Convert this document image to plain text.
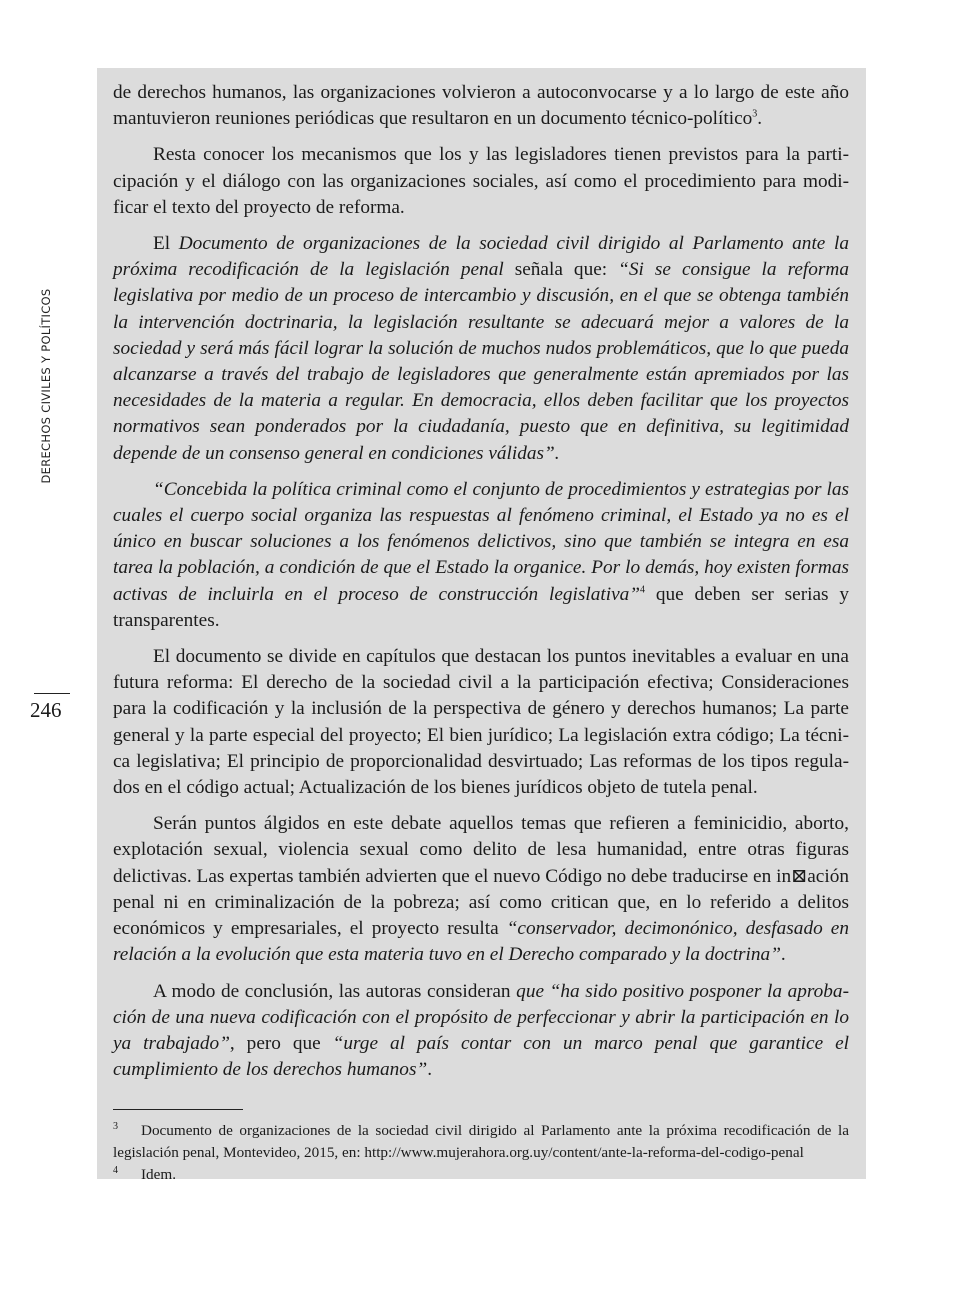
DERECHOS CIVILES Y POLÍTICOS
246

de derechos humanos, las organizaciones volvieron a autoconvocarse y a lo largo de este año mantuvieron reuniones periódicas que resultaron en un documento técnico-político$^3$.

Resta conocer los mecanismos que los y las legisladores tienen previstos para la participación y el diálogo con las organizaciones sociales, así como el procedimiento para modificar el texto del proyecto de reforma.

El Documento de organizaciones de la sociedad civil dirigido al Parlamento ante la próxima recodificación de la legislación penal señala que: “Si se consigue la reforma legislativa por medio de un proceso de intercambio y discusión, en el que se obtenga también la intervención doctrinaria, la legislación resultante se adecuará mejor a valores de la sociedad y será más fácil lograr la solución de muchos nudos problemáticos, que lo que pueda alcanzarse a través del trabajo de legisladores que generalmente están apremiados por las necesidades de la materia a regular. En democracia, ellos deben facilitar que los proyectos normativos sean ponderados por la ciudadanía, puesto que en definitiva, su legitimidad depende de un consenso general en condiciones válidas”.

“Concebida la política criminal como el conjunto de procedimientos y estrategias por las cuales el cuerpo social organiza las respuestas al fenómeno criminal, el Estado ya no es el único en buscar soluciones a los fenómenos delictivos, sino que también se integra en esa tarea la población, a condición de que el Estado la organice. Por lo demás, hoy existen formas activas de incluirla en el proceso de construcción legislativa”$^4$ que deben ser serias y transparentes.

El documento se divide en capítulos que destacan los puntos inevitables a evaluar en una futura reforma: El derecho de la sociedad civil a la participación efectiva; Consideraciones para la codificación y la inclusión de la perspectiva de género y derechos humanos; La parte general y la parte especial del proyecto; El bien jurídico; La legislación extra código; La técnica legislativa; El principio de proporcionalidad desvirtuado; Las reformas de los tipos regulados en el código actual; Actualización de los bienes jurídicos objeto de tutela penal.

Serán puntos álgidos en este debate aquellos temas que refieren a feminicidio, aborto, explotación sexual, violencia sexual como delito de lesa humanidad, entre otras figuras delictivas. Las expertas también advierten que el nuevo Código no debe traducirse en in⊠ación penal ni en criminalización de la pobreza; así como critican que, en lo referido a delitos económicos y empresariales, el proyecto resulta “conservador, decimonónico, desfasado en relación a la evolución que esta materia tuvo en el Derecho comparado y la doctrina”.

A modo de conclusión, las autoras consideran que “ha sido positivo posponer la aprobación de una nueva codificación con el propósito de perfeccionar y abrir la participación en lo ya trabajado”, pero que “urge al país contar con un marco penal que garantice el cumplimiento de los derechos humanos”.

3 Documento de organizaciones de la sociedad civil dirigido al Parlamento ante la próxima recodificación de la legislación penal, Montevideo, 2015, en: http://www.mujerahora.org.uy/content/ante-la-reforma-del-codigo-penal

4 Idem.
